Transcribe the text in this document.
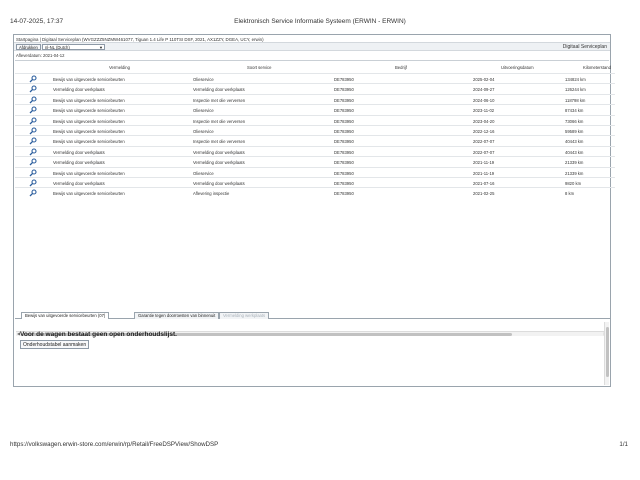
14-07-2025, 17:37	Elektronisch Service Informatie Systeem (ERWIN - ERWIN)
Startpagina | Digitaal Serviceplan (WVGZZZ5NZMW461077, Tiguan 1.4 Life P 110TSI DSF, 2021, AX1ZZY, DGEA, UCY, erwin)
Afdrukken	nl-NL (Dutch)	▼	Digitaal Serviceplan
Afleverdatum: 2021-04-12
Vermelding	Soort service	Bedrijf	Uitvoeringsdatum	Kilometerstand
Bewijs van uitgevoerde servicebeurten	Olieservice	DE783950	2025-02-04	134824 km
Vermelding door werkplaats	Vermelding door werkplaats	DE783950	2024-09-27	126244 km
Bewijs van uitgevoerde servicebeurten	Inspectie met olie verversen	DE783950	2024-06-10	118798 km
Bewijs van uitgevoerde servicebeurten	Olieservice	DE783950	2023-11-02	87434 km
Bewijs van uitgevoerde servicebeurten	Inspectie met olie verversen	DE783950	2023-04-20	73066 km
Bewijs van uitgevoerde servicebeurten	Olieservice	DE783950	2022-12-16	59589 km
Bewijs van uitgevoerde servicebeurten	Inspectie met olie verversen	DE783950	2022-07-07	40443 km
Vermelding door werkplaats	Vermelding door werkplaats	DE783950	2022-07-07	40443 km
Vermelding door werkplaats	Vermelding door werkplaats	DE783950	2021-11-19	21339 km
Bewijs van uitgevoerde servicebeurten	Olieservice	DE783950	2021-11-19	21339 km
Vermelding door werkplaats	Vermelding door werkplaats	DE783950	2021-07-16	9820 km
Bewijs van uitgevoerde servicebeurten	Aflevering inspectie	DE783950	2021-02-25	8 km
◀
Bewijs van uitgevoerde servicebeurten (07)	Garantie tegen doorroesten van binnenuit	Vermelding werkplaats
Voor de wagen bestaat geen open onderhoudslijst.
Onderhoudstabel aanmaken
https://volkswagen.erwin-store.com/erwin/rp/Retail/FreeDSPView/ShowDSP	1/1
